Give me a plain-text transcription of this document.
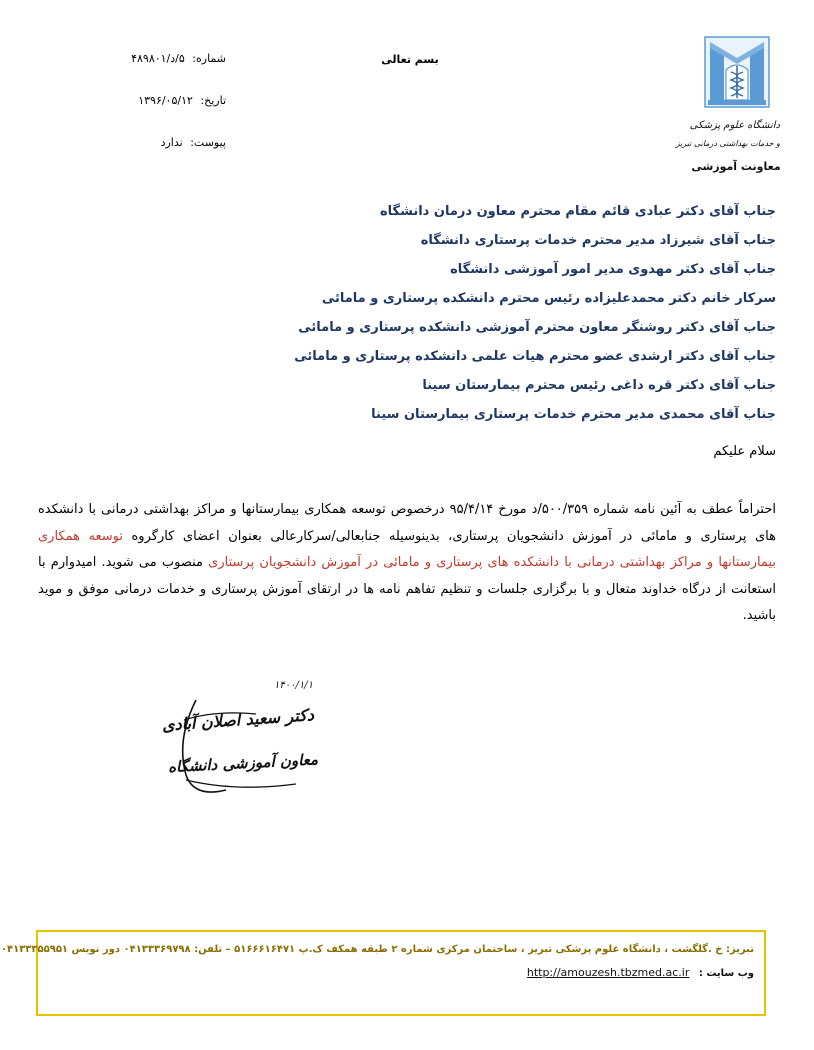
دانشگاه علوم پزشکی
و خدمات بهداشتی درمانی تبریز
معاونت آموزشی
بسم تعالی
شماره: ۵/د/۴۸۹۸۰۱
تاریخ: ۱۳۹۶/۰۵/۱۲
پیوست: ندارد
جناب آقای دکتر عبادی قائم مقام محترم معاون درمان دانشگاه
جناب آقای شیرزاد مدیر محترم خدمات پرستاری دانشگاه
جناب آقای دکتر مهدوی مدیر امور آموزشی دانشگاه
سرکار خانم دکتر محمدعلیزاده رئیس محترم دانشکده پرستاری و مامائی
جناب آقای دکتر روشنگر معاون محترم آموزشی دانشکده پرستاری و مامائی
جناب آقای دکتر ارشدی عضو محترم هیات علمی دانشکده پرستاری و مامائی
جناب آقای دکتر قره داغی رئیس محترم بیمارستان سینا
جناب آقای محمدی مدیر محترم خدمات پرستاری بیمارستان سینا
سلام علیکم

احتراماً عطف به آئین نامه شماره ۵۰۰/۳۵۹/د مورخ ۹۵/۴/۱۴ درخصوص توسعه همکاری بیمارستانها و مراکز بهداشتی درمانی با دانشکده های پرستاری و مامائی در آموزش دانشجویان پرستاری، بدینوسیله جنابعالی/سرکارعالی بعنوان اعضای کارگروه توسعه همکاری بیمارستانها و مراکز بهداشتی درمانی با دانشکده های پرستاری و مامائی در آموزش دانشجویان پرستاری منصوب می شوید. امیدوارم با استعانت از درگاه خداوند متعال و با برگزاری جلسات و تنظیم تفاهم نامه ها در ارتقای آموزش پرستاری و خدمات درمانی موفق و موید باشید.

۱۴۰۰/۱/۱
دکتر سعید اصلان آبادی
معاون آموزشی دانشگاه
تبریز: خ .گلگشت ، دانشگاه علوم پزشکی تبریز ، ساختمان مرکزی شماره ۲ طبقه همکف ک.پ ۵۱۶۶۶۱۶۴۷۱ – تلفن: ۰۴۱۳۳۳۶۹۷۹۸ دور نویس ۰۴۱۳۳۳۵۵۹۵۱
وب سایت : http://amouzesh.tbzmed.ac.ir
